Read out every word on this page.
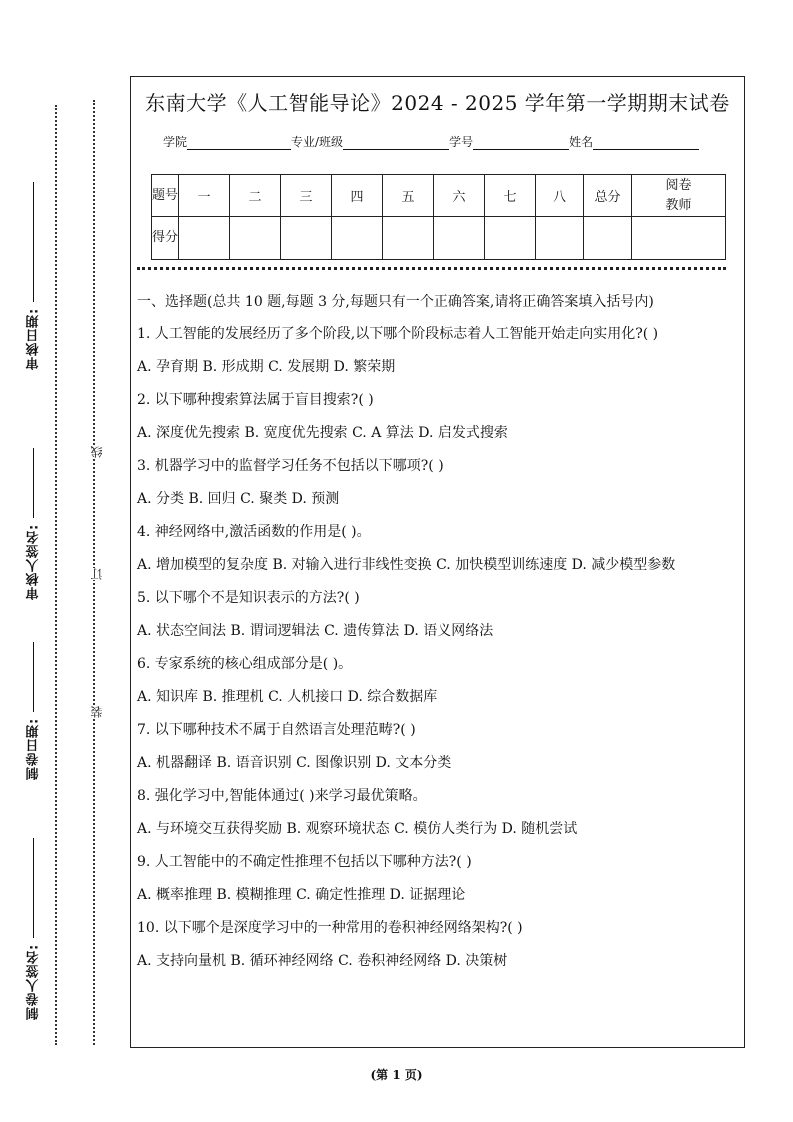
审核日期:
审核人签名:
制卷日期:
制卷人签名:
线
订
装
东南大学《人工智能导论》2024 - 2025 学年第一学期期末试卷
学院	专业/班级	学号	姓名
题号	一	二	三	四	五	六	七	八	总分	阅卷教师
得分										

一、选择题(总共 10 题,每题 3 分,每题只有一个正确答案,请将正确答案填入括号内)

1. 人工智能的发展经历了多个阶段,以下哪个阶段标志着人工智能开始走向实用化?( )

A. 孕育期 B. 形成期 C. 发展期 D. 繁荣期

2. 以下哪种搜索算法属于盲目搜索?( )

A. 深度优先搜索 B. 宽度优先搜索 C. A 算法 D. 启发式搜索

3. 机器学习中的监督学习任务不包括以下哪项?( )

A. 分类 B. 回归 C. 聚类 D. 预测

4. 神经网络中,激活函数的作用是( )。

A. 增加模型的复杂度 B. 对输入进行非线性变换 C. 加快模型训练速度 D. 减少模型参数

5. 以下哪个不是知识表示的方法?( )

A. 状态空间法 B. 谓词逻辑法 C. 遗传算法 D. 语义网络法

6. 专家系统的核心组成部分是( )。

A. 知识库 B. 推理机 C. 人机接口 D. 综合数据库

7. 以下哪种技术不属于自然语言处理范畴?( )

A. 机器翻译 B. 语音识别 C. 图像识别 D. 文本分类

8. 强化学习中,智能体通过( )来学习最优策略。

A. 与环境交互获得奖励 B. 观察环境状态 C. 模仿人类行为 D. 随机尝试

9. 人工智能中的不确定性推理不包括以下哪种方法?( )

A. 概率推理 B. 模糊推理 C. 确定性推理 D. 证据理论

10. 以下哪个是深度学习中的一种常用的卷积神经网络架构?( )

A. 支持向量机 B. 循环神经网络 C. 卷积神经网络 D. 决策树

(第 1 页)
